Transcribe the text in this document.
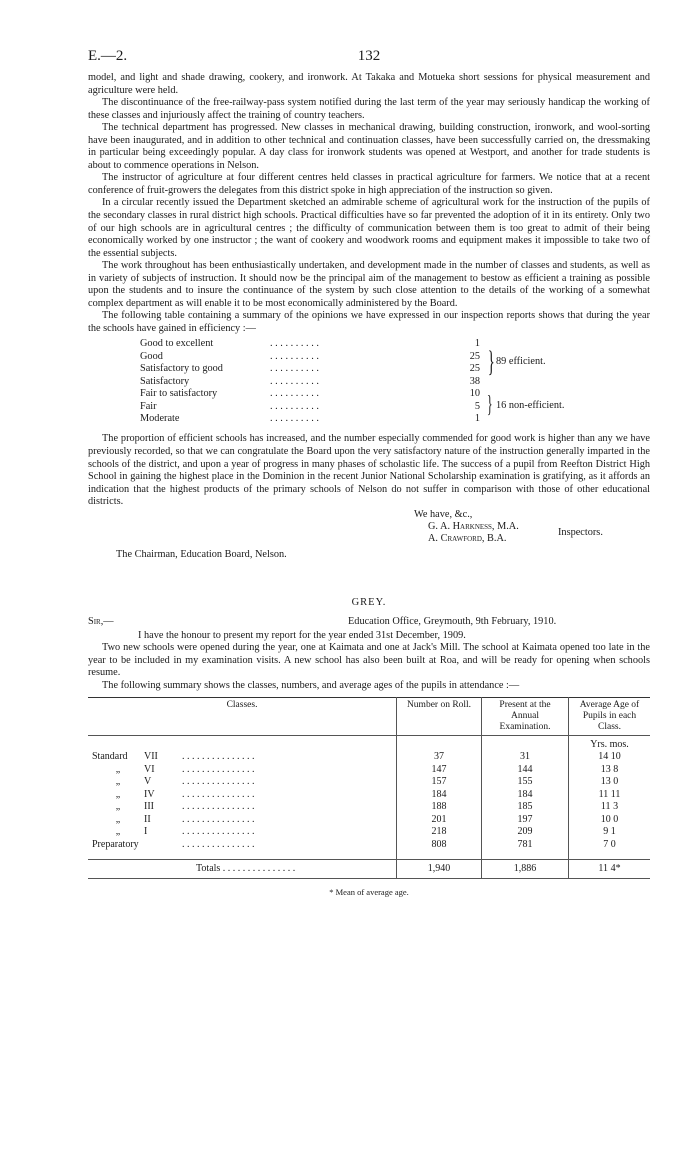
E.—2.	132

model, and light and shade drawing, cookery, and ironwork. At Takaka and Motueka short sessions for physical measurement and agriculture were held.

The discontinuance of the free-railway-pass system notified during the last term of the year may seriously handicap the working of these classes and injuriously affect the training of country teachers.

The technical department has progressed. New classes in mechanical drawing, building construction, ironwork, and wool-sorting have been inaugurated, and in addition to other technical and continuation classes, have been successfully carried on, the dressmaking in particular being exceedingly popular. A day class for ironwork students was opened at Westport, and another for trade students is about to commence operations in Nelson.

The instructor of agriculture at four different centres held classes in practical agriculture for farmers. We notice that at a recent conference of fruit-growers the delegates from this district spoke in high appreciation of the instruction so given.

In a circular recently issued the Department sketched an admirable scheme of agricultural work for the instruction of the pupils of the secondary classes in rural district high schools. Practical difficulties have so far prevented the adoption of it in its entirety. Only two of our high schools are in agricultural centres ; the difficulty of communication between them is too great to admit of their being economically worked by one instructor ; the want of cookery and woodwork rooms and equipment makes it impossible to take two of the essential subjects.

The work throughout has been enthusiastically undertaken, and development made in the number of classes and students, as well as in variety of subjects of instruction. It should now be the principal aim of the management to bestow as efficient a training as possible upon the students and to insure the continuance of the system by such close attention to the details of the working of a somewhat complex department as will enable it to be most economically administered by the Board.

The following table containing a summary of the opinions we have expressed in our inspection reports shows that during the year the schools have gained in efficiency :—

Good to excellent	. . . . . . . . . .	1
Good	. . . . . . . . . .	25
Satisfactory to good	. . . . . . . . . .	25
Satisfactory	. . . . . . . . . .	38
Fair to satisfactory	. . . . . . . . . .	10
Fair	. . . . . . . . . .	5
Moderate	. . . . . . . . . .	1
} 89 efficient.
} 16 non-efficient.

The proportion of efficient schools has increased, and the number especially commended for good work is higher than any we have previously recorded, so that we can congratulate the Board upon the very satisfactory nature of the instruction generally imparted in the schools of the district, and upon a year of progress in many phases of scholastic life. The success of a pupil from Reefton District High School in gaining the highest place in the Dominion in the recent Junior National Scholarship examination is gratifying, as it affords an indication that the highest products of the primary schools of Nelson do not suffer in comparison with those of other educational districts.

We have, &c.,
G. A. Harkness, M.A.
A. Crawford, B.A.
Inspectors.
The Chairman, Education Board, Nelson.
GREY.
Sir,—	Education Office, Greymouth, 9th February, 1910.

I have the honour to present my report for the year ended 31st December, 1909.

Two new schools were opened during the year, one at Kaimata and one at Jack's Mill. The school at Kaimata opened too late in the year to be included in my examination visits. A new school has also been built at Roa, and will be ready for opening when schools resume.

The following summary shows the classes, numbers, and average ages of the pupils in attendance :—

Classes.	Number on Roll.	Present at the Annual Examination.	Average Age of Pupils in each Class.
			Yrs. mos.
Standard VII . . . . . . . . . . . . . . .	37	31	14 10
„ VI . . . . . . . . . . . . . . .	147	144	13 8
„ V . . . . . . . . . . . . . . .	157	155	13 0
„ IV . . . . . . . . . . . . . . .	184	184	11 11
„ III . . . . . . . . . . . . . . .	188	185	11 3
„ II . . . . . . . . . . . . . . .	201	197	10 0
„ I . . . . . . . . . . . . . . .	218	209	9 1
Preparatory . . . . . . . . . . . . . . .	808	781	7 0

Totals . . . . . . . . . . . . . . .	1,940	1,886	11 4*
* Mean of average age.
